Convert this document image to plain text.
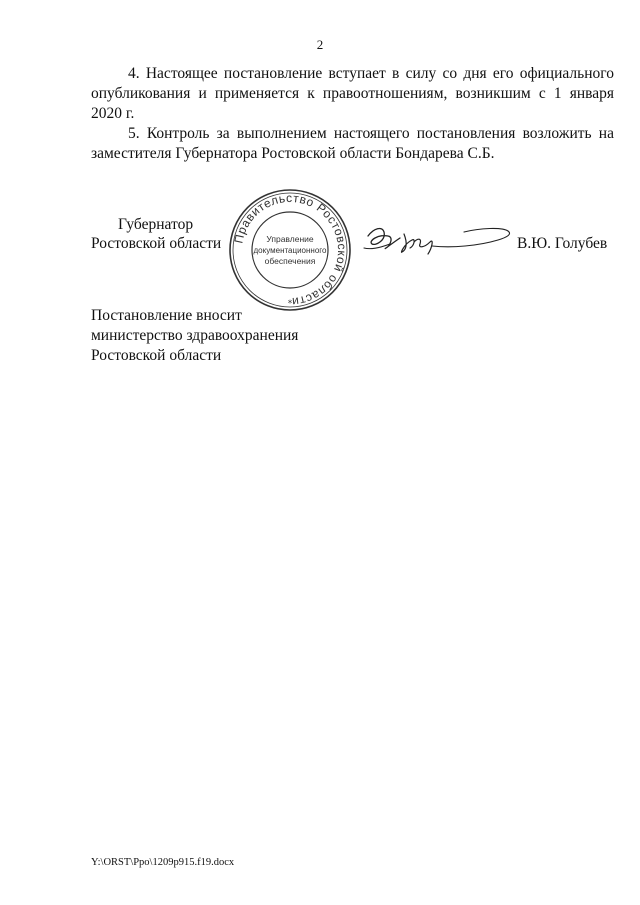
2
4. Настоящее постановление вступает в силу со дня его официального опубликования и применяется к правоотношениям, возникшим с 1 января 2020 г.
5. Контроль за выполнением настоящего постановления возложить на заместителя Губернатора Ростовской области Бондарева С.Б.
Губернатор
Ростовской области	В.Ю. Голубев
Правительство Ростовской области
Управление
документационного
обеспечения
*
Постановление вносит
министерство здравоохранения
Ростовской области
Y:\ORST\Ppo\1209p915.f19.docx
